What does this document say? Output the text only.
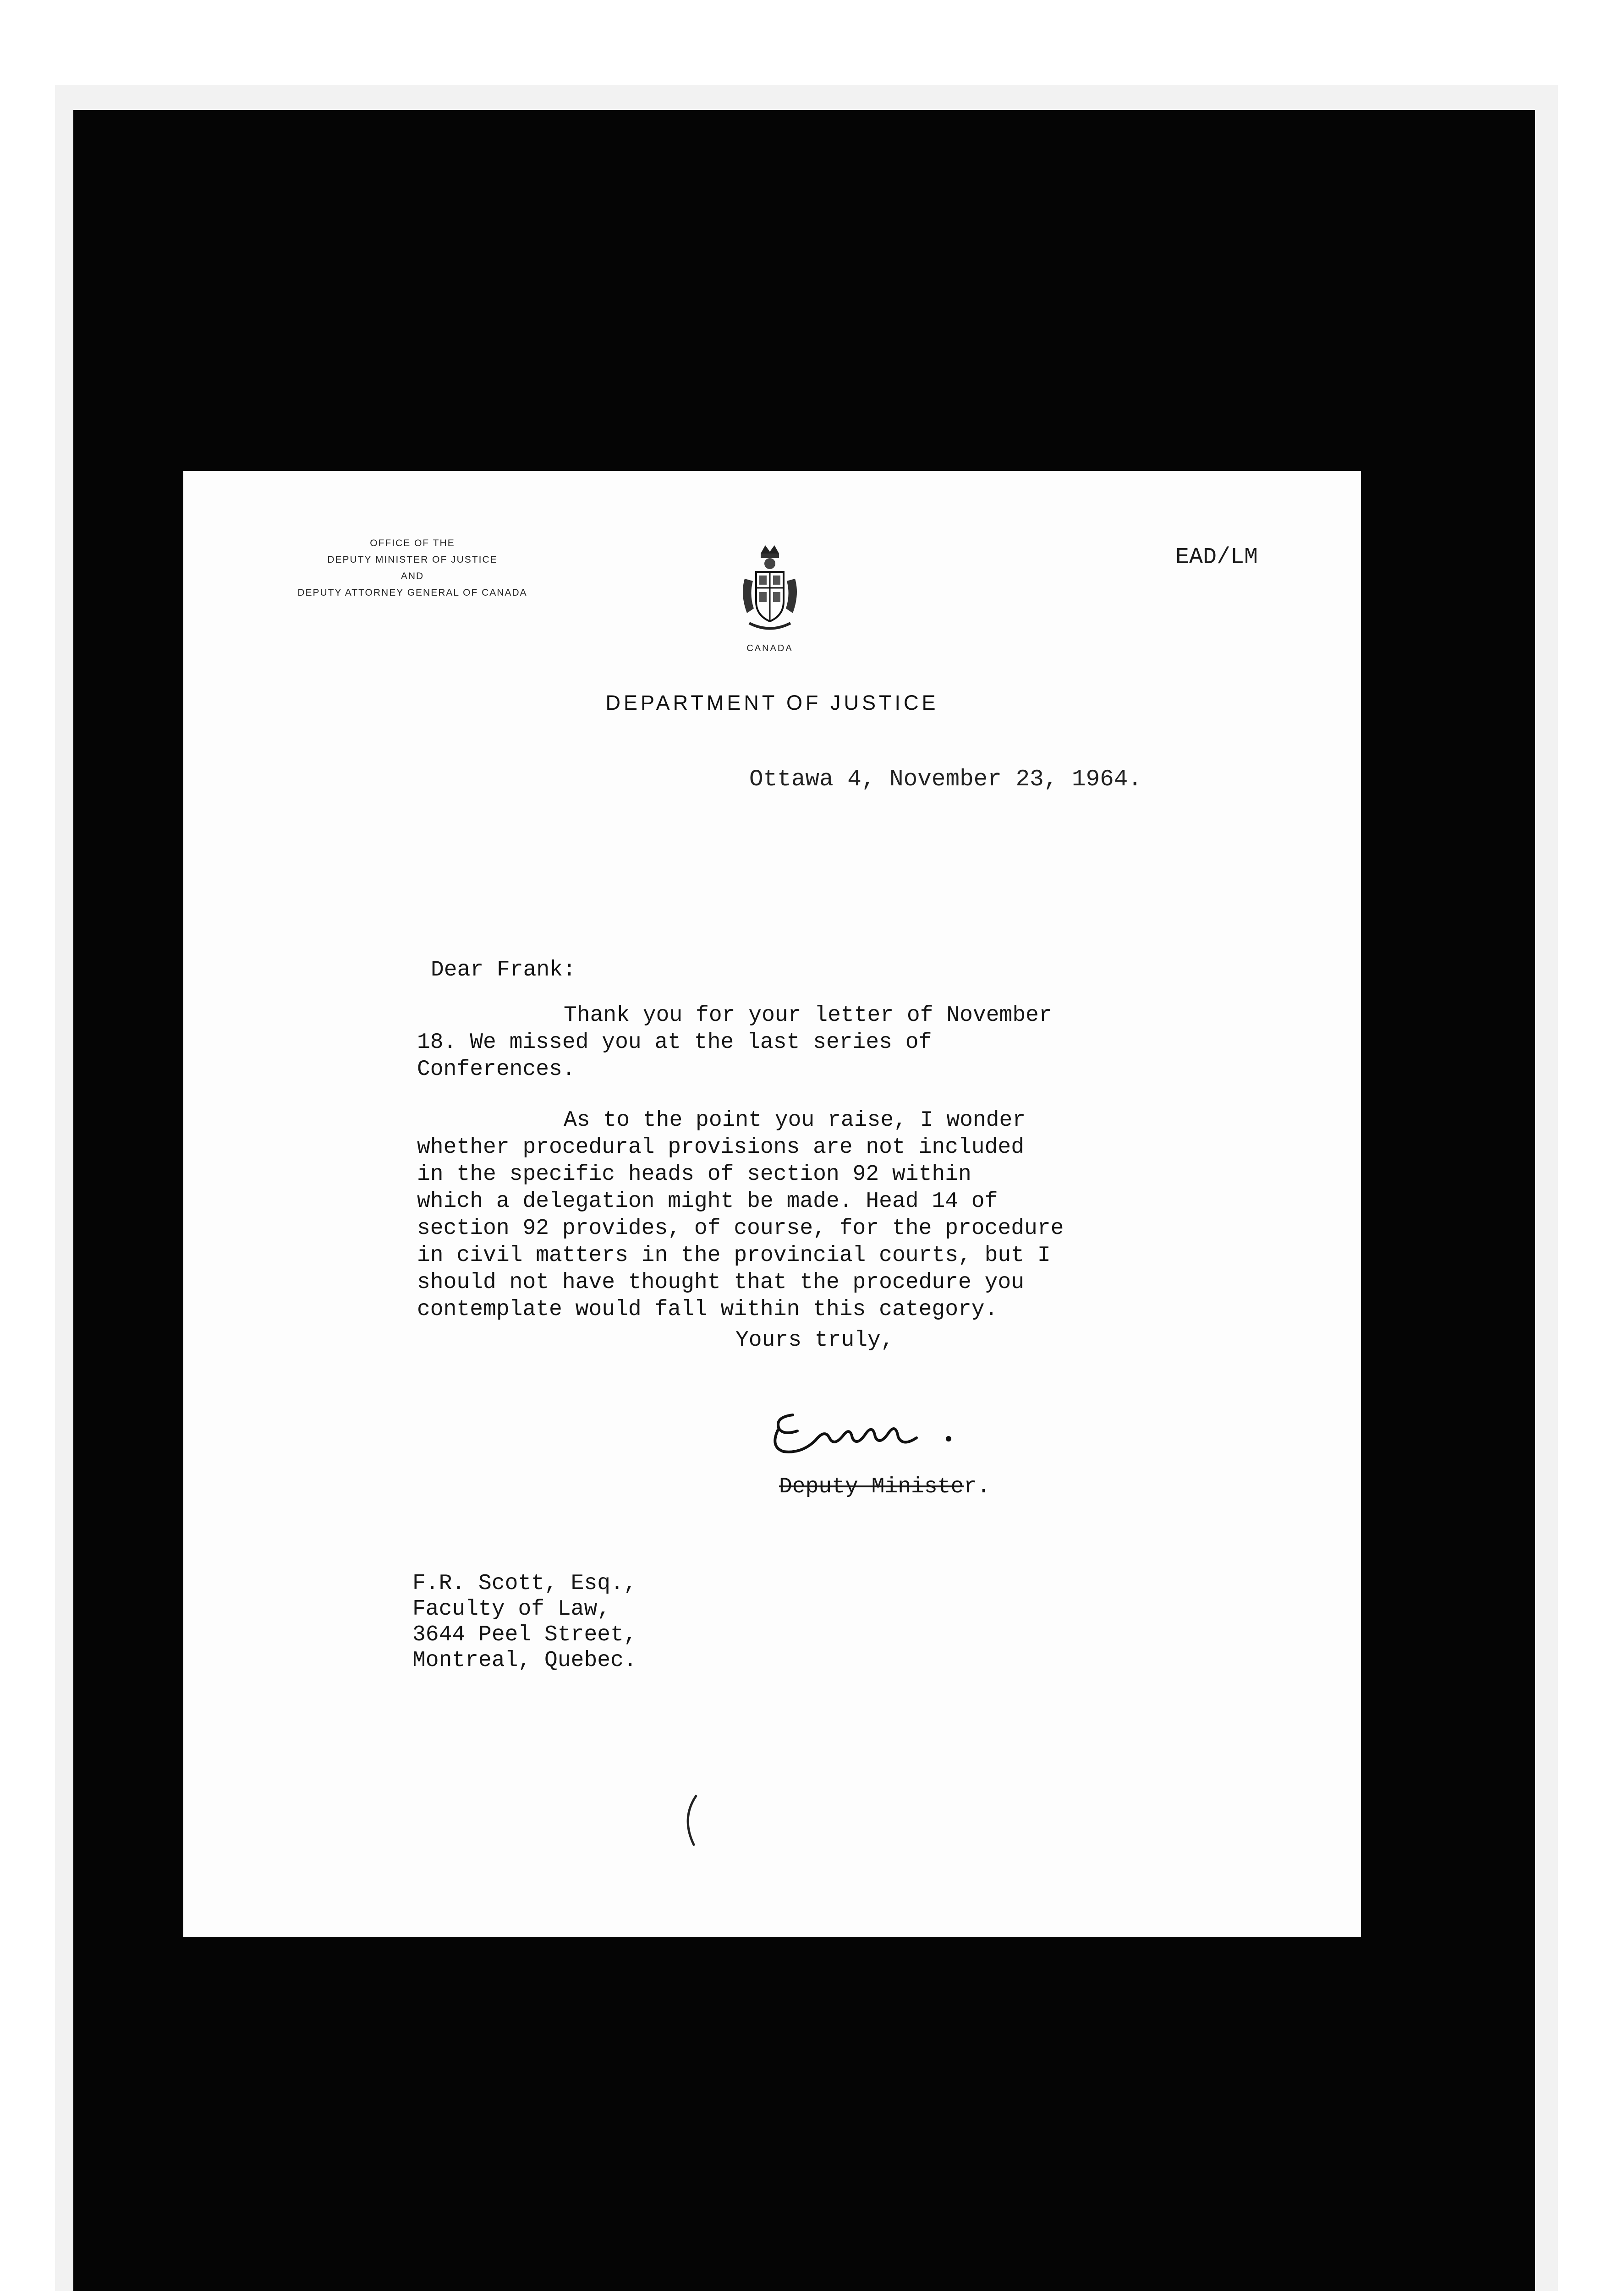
OFFICE OF THE
DEPUTY MINISTER OF JUSTICE
AND
DEPUTY ATTORNEY GENERAL OF CANADA
CANADA
EAD/LM
DEPARTMENT OF JUSTICE
Ottawa 4, November 23, 1964.

Dear Frank:

Thank you for your letter of November
18. We missed you at the last series of
Conferences.

As to the point you raise, I wonder
whether procedural provisions are not included
in the specific heads of section 92 within
which a delegation might be made. Head 14 of
section 92 provides, of course, for the procedure
in civil matters in the provincial courts, but I
should not have thought that the procedure you
contemplate would fall within this category.

Yours truly,
Deputy Minister.
F.R. Scott, Esq.,
Faculty of Law,
3644 Peel Street,
Montreal, Quebec.
